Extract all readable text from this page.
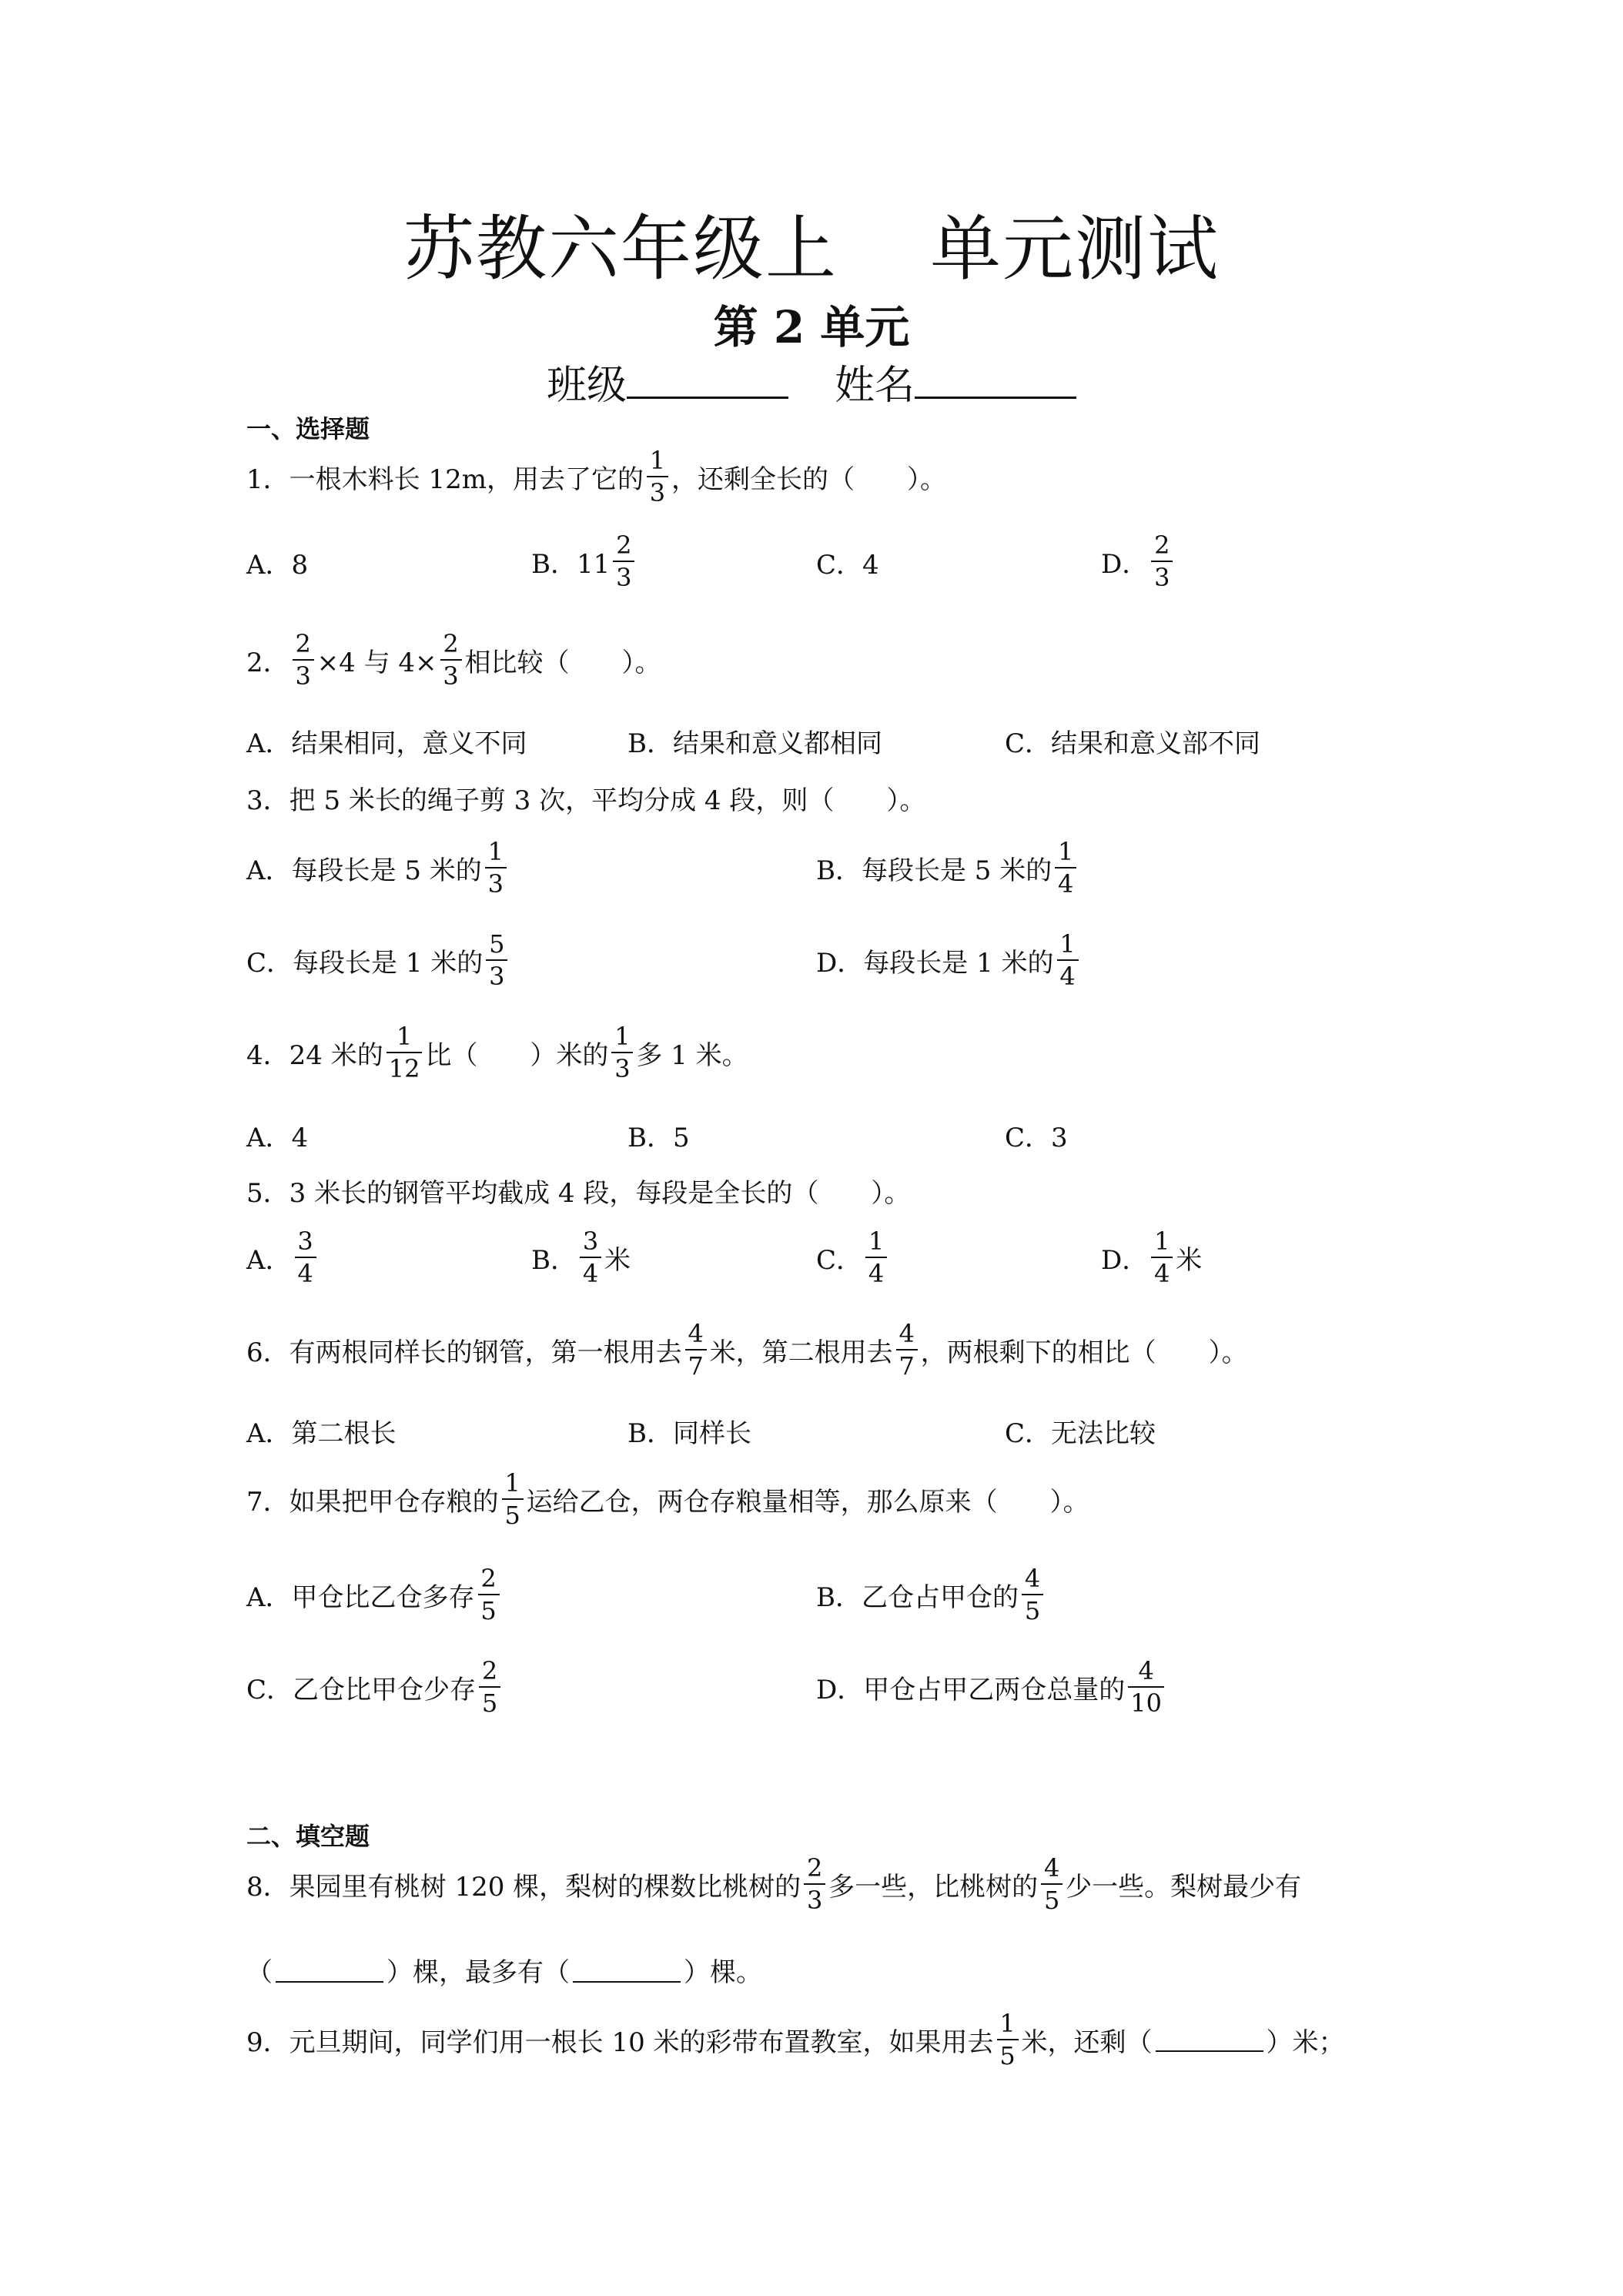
苏教六年级上 单元测试
第 2 单元
班级	姓名
一、选择题
1．一根木料长 12m，用去了它的 $\frac{1}{3}$ ，还剩全长的（　　）。
A．8	B．$11 \frac{2}{3}$	C．4	D． $\frac{2}{3}$
2． $\frac{2}{3} \times 4$ 与 $4\times \frac{2}{3}$ 相比较（　　）。
A．结果相同，意义不同	B．结果和意义都相同	C．结果和意义部不同
3．把 5 米长的绳子剪 3 次，平均分成 4 段，则（　　）。
A．每段长是 5 米的 $\frac{1}{3}$	B．每段长是 5 米的 $\frac{1}{4}$
C．每段长是 1 米的 $\frac{5}{3}$	D．每段长是 1 米的 $\frac{1}{4}$
4．24 米的 $\frac{1}{12}$ 比（　　）米的 $\frac{1}{3}$ 多 1 米。
A．4	B．5	C．3
5．3 米长的钢管平均截成 4 段，每段是全长的（　　）。
A． $\frac{3}{4}$	B． $\frac{3}{4}$ 米	C． $\frac{1}{4}$	D． $\frac{1}{4}$ 米
6．有两根同样长的钢管，第一根用去 $\frac{4}{7}$ 米，第二根用去 $\frac{4}{7}$ ，两根剩下的相比（　　）。
A．第二根长	B．同样长	C．无法比较
7．如果把甲仓存粮的 $\frac{1}{5}$ 运给乙仓，两仓存粮量相等，那么原来（　　）。
A．甲仓比乙仓多存 $\frac{2}{5}$	B．乙仓占甲仓的 $\frac{4}{5}$
C．乙仓比甲仓少存 $\frac{2}{5}$	D．甲仓占甲乙两仓总量的 $\frac{4}{10}$
二、填空题
8．果园里有桃树 120 棵，梨树的棵数比桃树的 $\frac{2}{3}$ 多一些，比桃树的 $\frac{4}{5}$ 少一些。梨树最少有
（	）棵，最多有（	）棵。
9．元旦期间，同学们用一根长 10 米的彩带布置教室，如果用去 $\frac{1}{5}$ 米，还剩（	）米；
